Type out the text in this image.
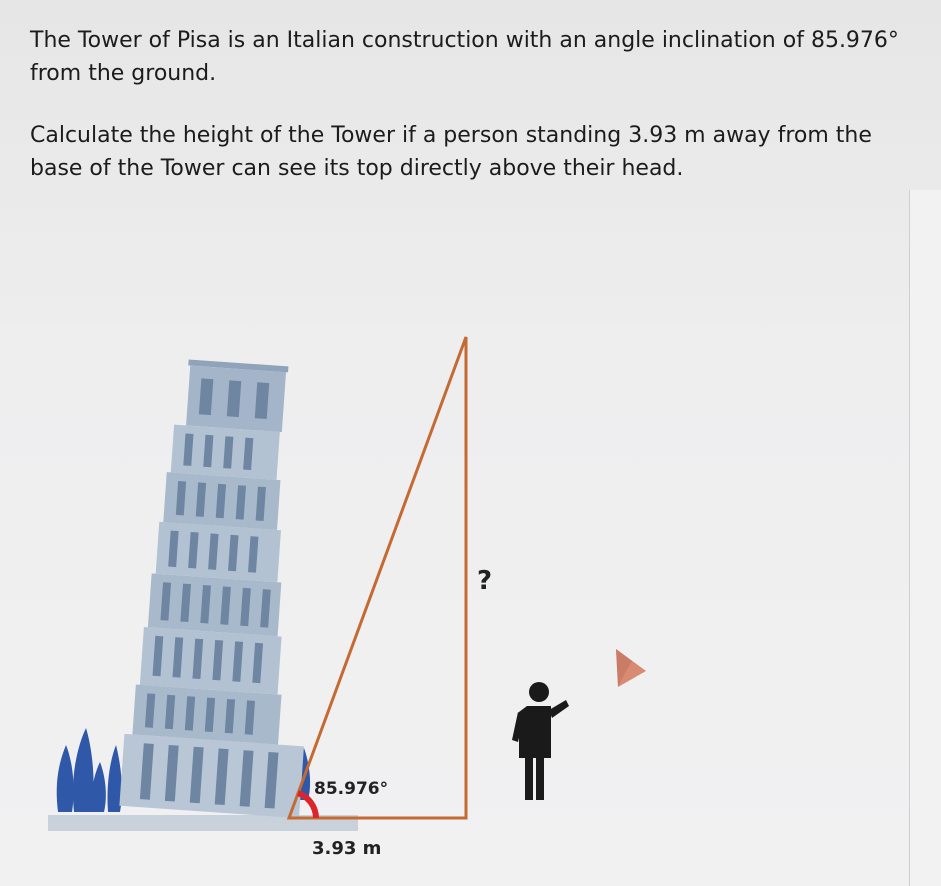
The Tower of Pisa is an Italian construction with an angle inclination of 85.976° from the ground.

Calculate the height of the Tower if a person standing 3.93 m away from the base of the Tower can see its top directly above their head.

?
85.976°
3.93 m
